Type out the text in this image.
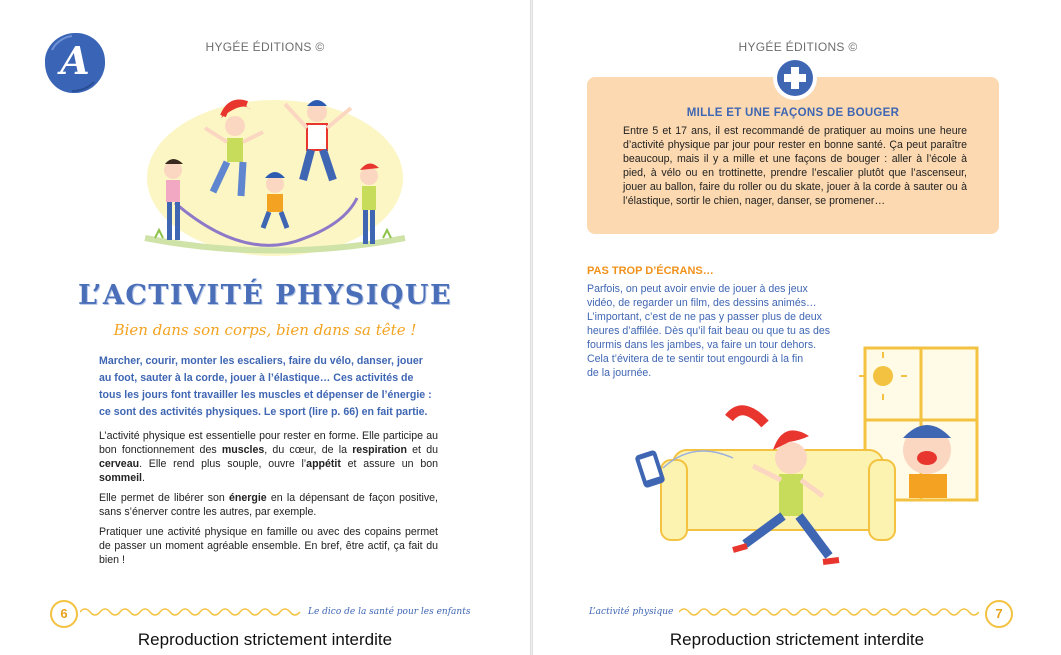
A	HYGÉE ÉDITIONS ©
L’ACTIVITÉ PHYSIQUE
Bien dans son corps, bien dans sa tête !
Marcher, courir, monter les escaliers, faire du vélo, danser, jouer au foot, sauter à la corde, jouer à l’élastique… Ces activités de tous les jours font travailler les muscles et dépenser de l’énergie : ce sont des activités physiques. Le sport (lire p. 66) en fait partie.
L’activité physique est essentielle pour rester en forme. Elle participe au bon fonctionnement des muscles, du cœur, de la respiration et du cerveau. Elle rend plus souple, ouvre l’appétit et assure un bon sommeil.
Elle permet de libérer son énergie en la dépensant de façon positive, sans s’énerver contre les autres, par exemple.
Pratiquer une activité physique en famille ou avec des copains permet de passer un moment agréable ensemble. En bref, être actif, ça fait du bien !
6	Le dico de la santé pour les enfants
Reproduction strictement interdite
HYGÉE ÉDITIONS ©
MILLE ET UNE FAÇONS DE BOUGER
Entre 5 et 17 ans, il est recommandé de pratiquer au moins une heure d’activité physique par jour pour rester en bonne santé. Ça peut paraître beaucoup, mais il y a mille et une façons de bouger : aller à l’école à pied, à vélo ou en trottinette, prendre l’escalier plutôt que l’ascenseur, jouer au ballon, faire du roller ou du skate, jouer à la corde à sauter ou à l’élastique, sortir le chien, nager, danser, se promener…
PAS TROP D’ÉCRANS…
Parfois, on peut avoir envie de jouer à des jeux
vidéo, de regarder un film, des dessins animés…
L’important, c’est de ne pas y passer plus de deux
heures d’affilée. Dès qu’il fait beau ou que tu as des
fourmis dans les jambes, va faire un tour dehors.
Cela t’évitera de te sentir tout engourdi à la fin
de la journée.
L’activité physique	7
Reproduction strictement interdite
